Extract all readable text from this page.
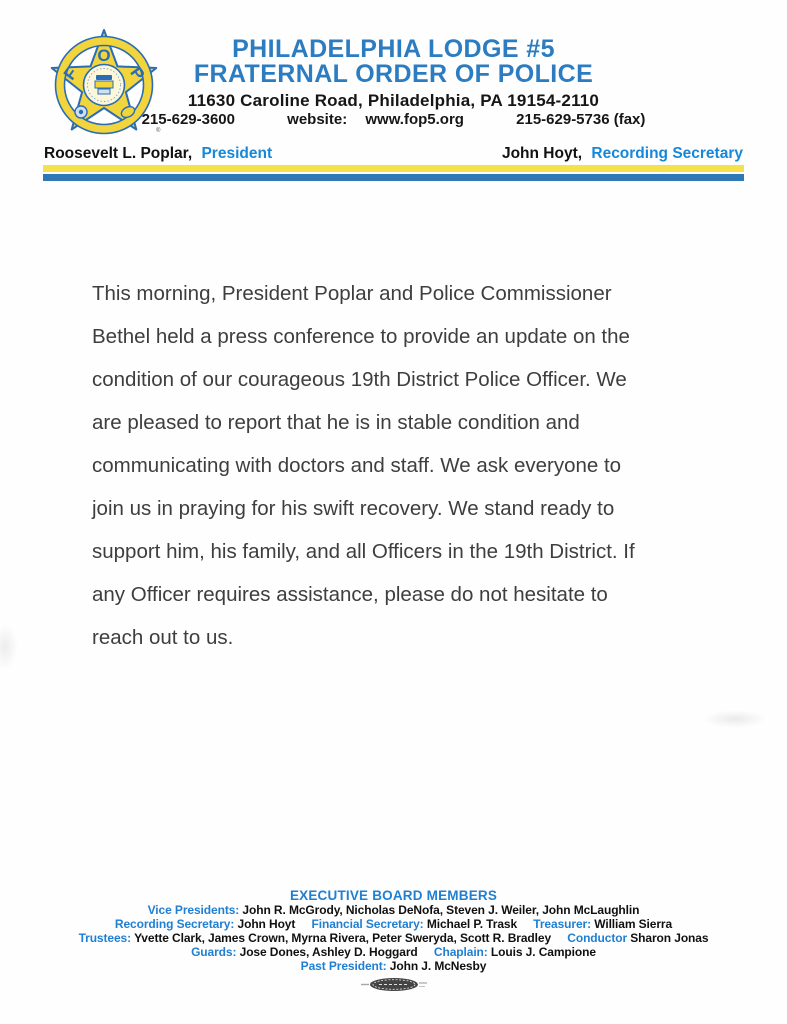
F
O
P
®
PHILADELPHIA LODGE #5
FRATERNAL ORDER OF POLICE
11630 Caroline Road, Philadelphia, PA 19154-2110
215-629-3600	website: www.fop5.org	215-629-5736 (fax)
Roosevelt L. Poplar, President	John Hoyt, Recording Secretary
This morning, President Poplar and Police Commissioner
Bethel held a press conference to provide an update on the
condition of our courageous 19th District Police Officer. We
are pleased to report that he is in stable condition and
communicating with doctors and staff. We ask everyone to
join us in praying for his swift recovery. We stand ready to
support him, his family, and all Officers in the 19th District. If
any Officer requires assistance, please do not hesitate to
reach out to us.
EXECUTIVE BOARD MEMBERS
Vice Presidents: John R. McGrody, Nicholas DeNofa, Steven J. Weiler, John McLaughlin
Recording Secretary: John Hoyt Financial Secretary: Michael P. Trask Treasurer: William Sierra
Trustees: Yvette Clark, James Crown, Myrna Rivera, Peter Sweryda, Scott R. Bradley Conductor Sharon Jonas
Guards: Jose Dones, Ashley D. Hoggard Chaplain: Louis J. Campione
Past President: John J. McNesby
